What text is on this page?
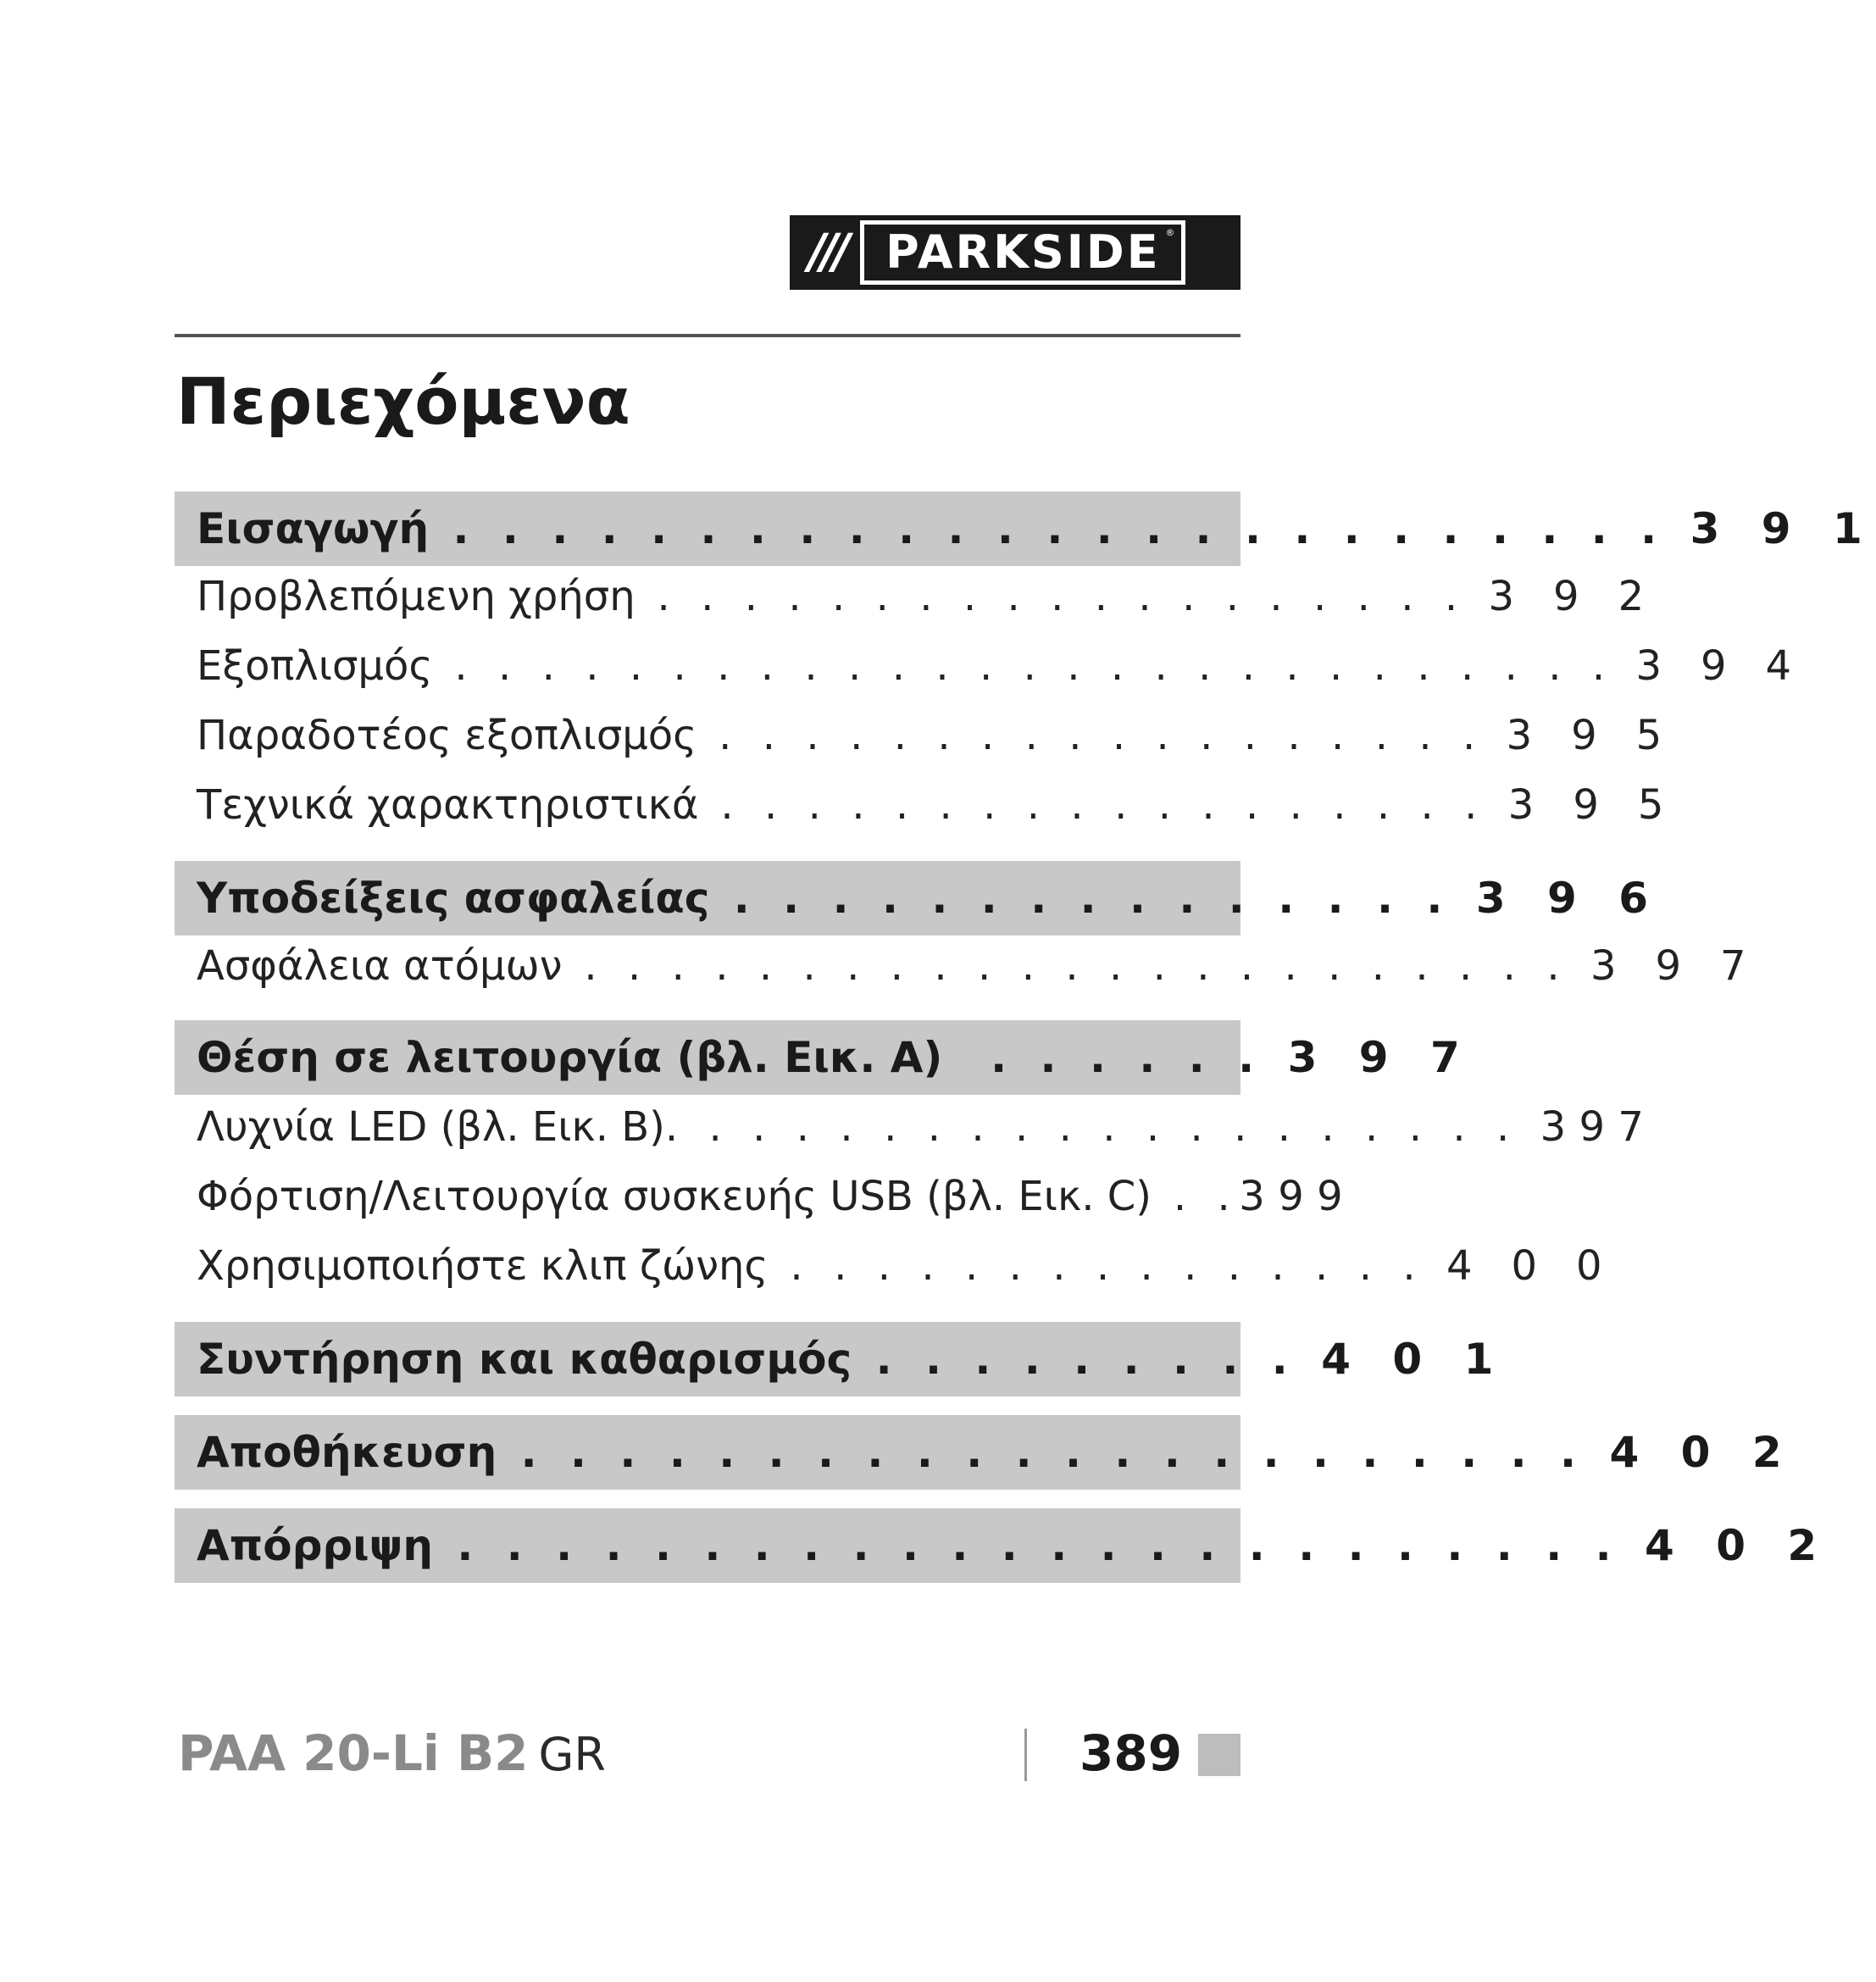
/// PARKSIDE ®
Περιεχόμενα
Εισαγωγή . . . . . . . . . . . . . . . . . . . . . . . . . 3 9 1
Προβλεπόμενη χρήση . . . . . . . . . . . . . . . . . . . 3 9 2
Εξοπλισμός . . . . . . . . . . . . . . . . . . . . . . . . . . . 3 9 4
Παραδοτέος εξοπλισμός . . . . . . . . . . . . . . . . . . 3 9 5
Τεχνικά χαρακτηριστικά . . . . . . . . . . . . . . . . . . 3 9 5
Υποδείξεις ασφαλείας . . . . . . . . . . . . . . . 3 9 6
Ασφάλεια ατόμων . . . . . . . . . . . . . . . . . . . . . . . 3 9 7
Θέση σε λειτουργία (βλ. Εικ. A) . . . . . . 3 9 7
Λυχνία LED (βλ. Εικ. B) . . . . . . . . . . . . . . . . . . . . 397
Φόρτιση/Λειτουργία συσκευής USB (βλ. Εικ. C) . . 399
Χρησιμοποιήστε κλιπ ζώνης . . . . . . . . . . . . . . . 4 0 0
Συντήρηση και καθαρισμός . . . . . . . . . 4 0 1
Αποθήκευση . . . . . . . . . . . . . . . . . . . . . . 4 0 2
Απόρριψη . . . . . . . . . . . . . . . . . . . . . . . . 4 0 2
PAA 20-Li B2 GR	389
